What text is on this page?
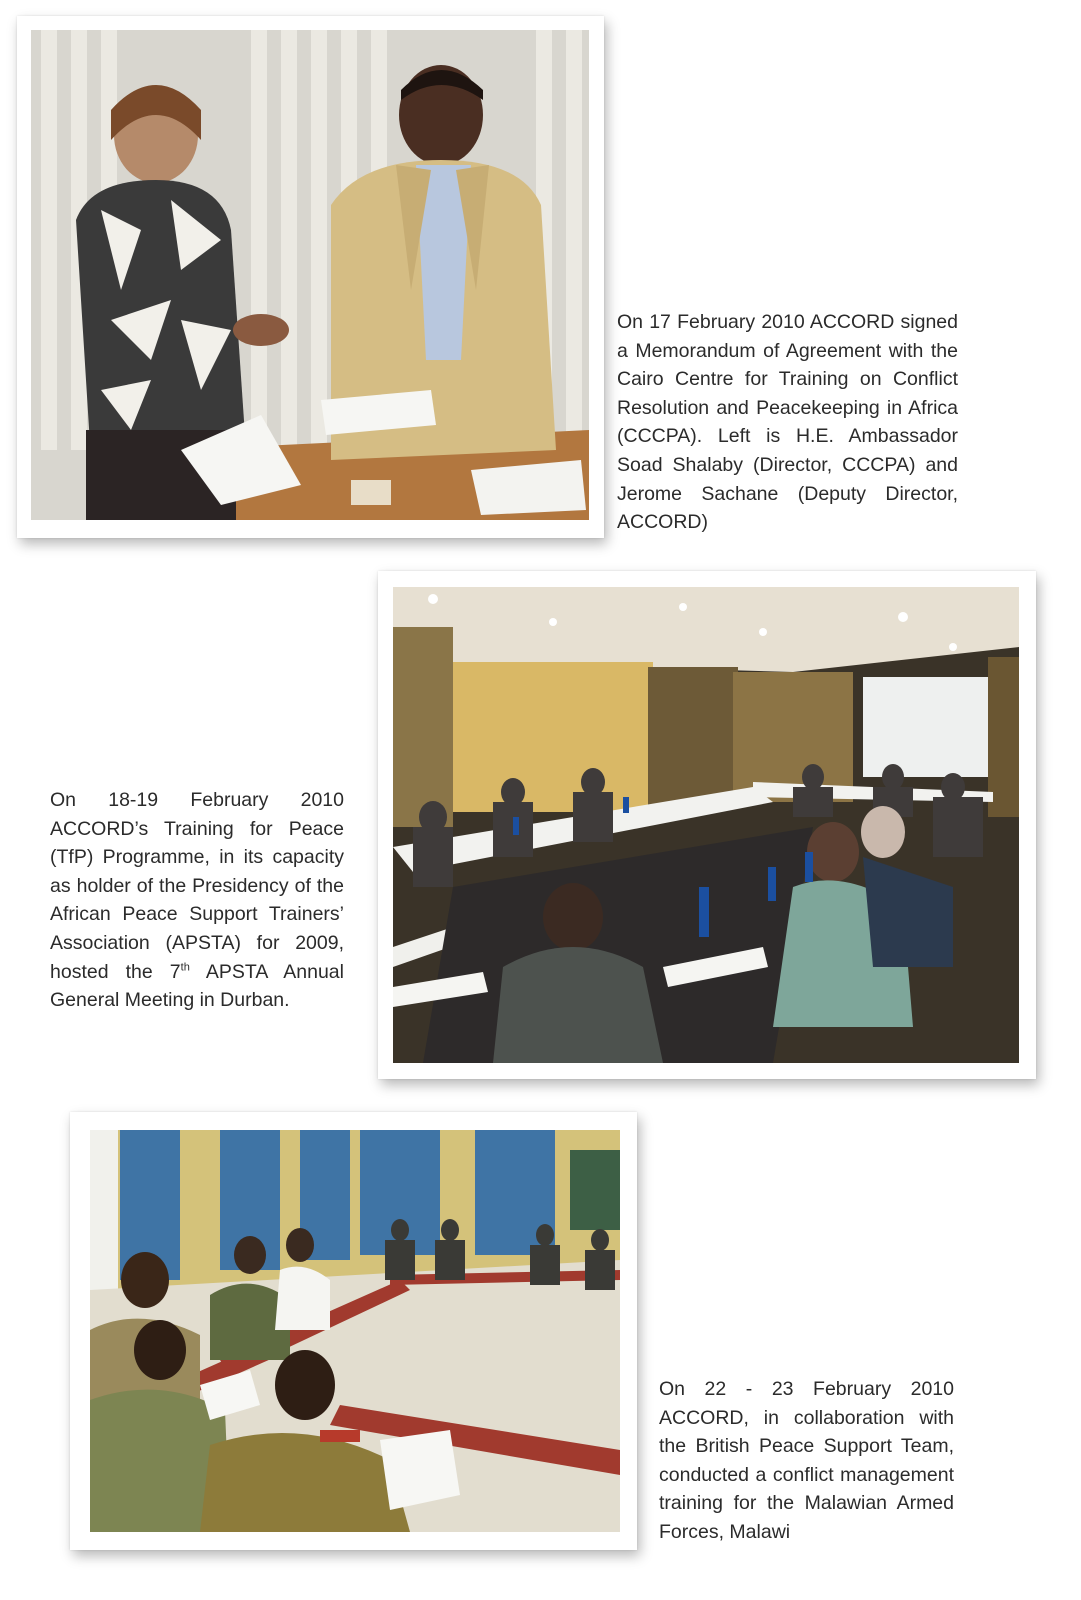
On 17 February 2010 ACCORD signed a Memorandum of Agreement with the Cairo Centre for Training on Conflict Resolution and Peacekeeping in Africa (CCCPA). Left is H.E. Ambassador Soad Shalaby (Director, CCCPA) and Jerome Sachane (Deputy Director, ACCORD)

On 18-19 February 2010 ACCORD’s Training for Peace (TfP) Programme, in its capacity as holder of the Presidency of the African Peace Support Trainers’ Association (APSTA) for 2009, hosted the 7th APSTA Annual General Meeting in Durban.

On 22 - 23 February 2010 ACCORD, in collaboration with the British Peace Support Team, conducted a conflict management training for the Malawian Armed Forces, Malawi
